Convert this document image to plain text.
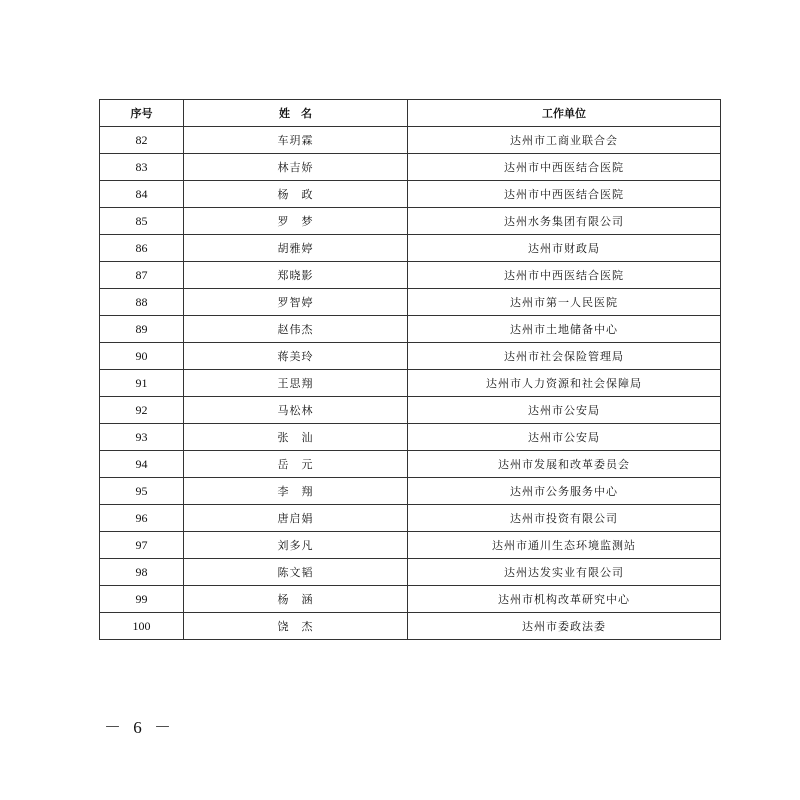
序号	姓　名	工作单位
82	车玥霖	达州市工商业联合会
83	林吉娇	达州市中西医结合医院
84	杨　政	达州市中西医结合医院
85	罗　梦	达州水务集团有限公司
86	胡雅婷	达州市财政局
87	郑晓影	达州市中西医结合医院
88	罗智婷	达州市第一人民医院
89	赵伟杰	达州市土地储备中心
90	蒋美玲	达州市社会保险管理局
91	王思翔	达州市人力资源和社会保障局
92	马松林	达州市公安局
93	张　汕	达州市公安局
94	岳　元	达州市发展和改革委员会
95	李　翔	达州市公务服务中心
96	唐启娟	达州市投资有限公司
97	刘多凡	达州市通川生态环境监测站
98	陈文韬	达州达发实业有限公司
99	杨　涵	达州市机构改革研究中心
100	饶　杰	达州市委政法委
－ 6 －
